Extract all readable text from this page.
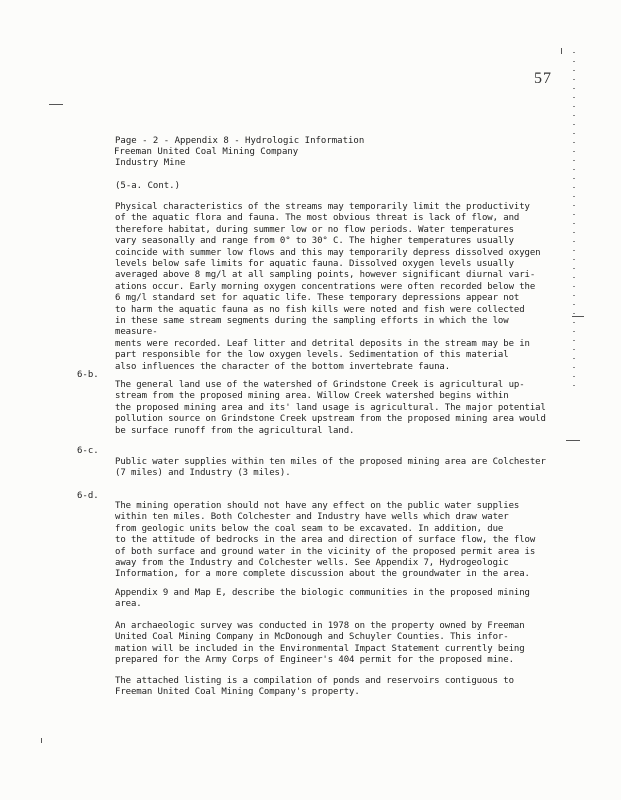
57
Page - 2 - Appendix 8 - Hydrologic Information
Freeman United Coal Mining Company
Industry Mine
(5-a. Cont.)

Physical characteristics of the streams may temporarily limit the productivity
of the aquatic flora and fauna. The most obvious threat is lack of flow, and
therefore habitat, during summer low or no flow periods. Water temperatures
vary seasonally and range from 0° to 30° C. The higher temperatures usually
coincide with summer low flows and this may temporarily depress dissolved oxygen
levels below safe limits for aquatic fauna. Dissolved oxygen levels usually
averaged above 8 mg/l at all sampling points, however significant diurnal vari-
ations occur. Early morning oxygen concentrations were often recorded below the
6 mg/l standard set for aquatic life. These temporary depressions appear not
to harm the aquatic fauna as no fish kills were noted and fish were collected
in these same stream segments during the sampling efforts in which the low measure-
ments were recorded. Leaf litter and detrital deposits in the stream may be in
part responsible for the low oxygen levels. Sedimentation of this material
also influences the character of the bottom invertebrate fauna.

6-b.

The general land use of the watershed of Grindstone Creek is agricultural up-
stream from the proposed mining area. Willow Creek watershed begins within
the proposed mining area and its' land usage is agricultural. The major potential
pollution source on Grindstone Creek upstream from the proposed mining area would
be surface runoff from the agricultural land.

6-c.

Public water supplies within ten miles of the proposed mining area are Colchester
(7 miles) and Industry (3 miles).

6-d.

The mining operation should not have any effect on the public water supplies
within ten miles. Both Colchester and Industry have wells which draw water
from geologic units below the coal seam to be excavated. In addition, due
to the attitude of bedrocks in the area and direction of surface flow, the flow
of both surface and ground water in the vicinity of the proposed permit area is
away from the Industry and Colchester wells. See Appendix 7, Hydrogeologic
Information, for a more complete discussion about the groundwater in the area.

Appendix 9 and Map E, describe the biologic communities in the proposed mining
area.

An archaeologic survey was conducted in 1978 on the property owned by Freeman
United Coal Mining Company in McDonough and Schuyler Counties. This infor-
mation will be included in the Environmental Impact Statement currently being
prepared for the Army Corps of Engineer's 404 permit for the proposed mine.

The attached listing is a compilation of ponds and reservoirs contiguous to
Freeman United Coal Mining Company's property.
